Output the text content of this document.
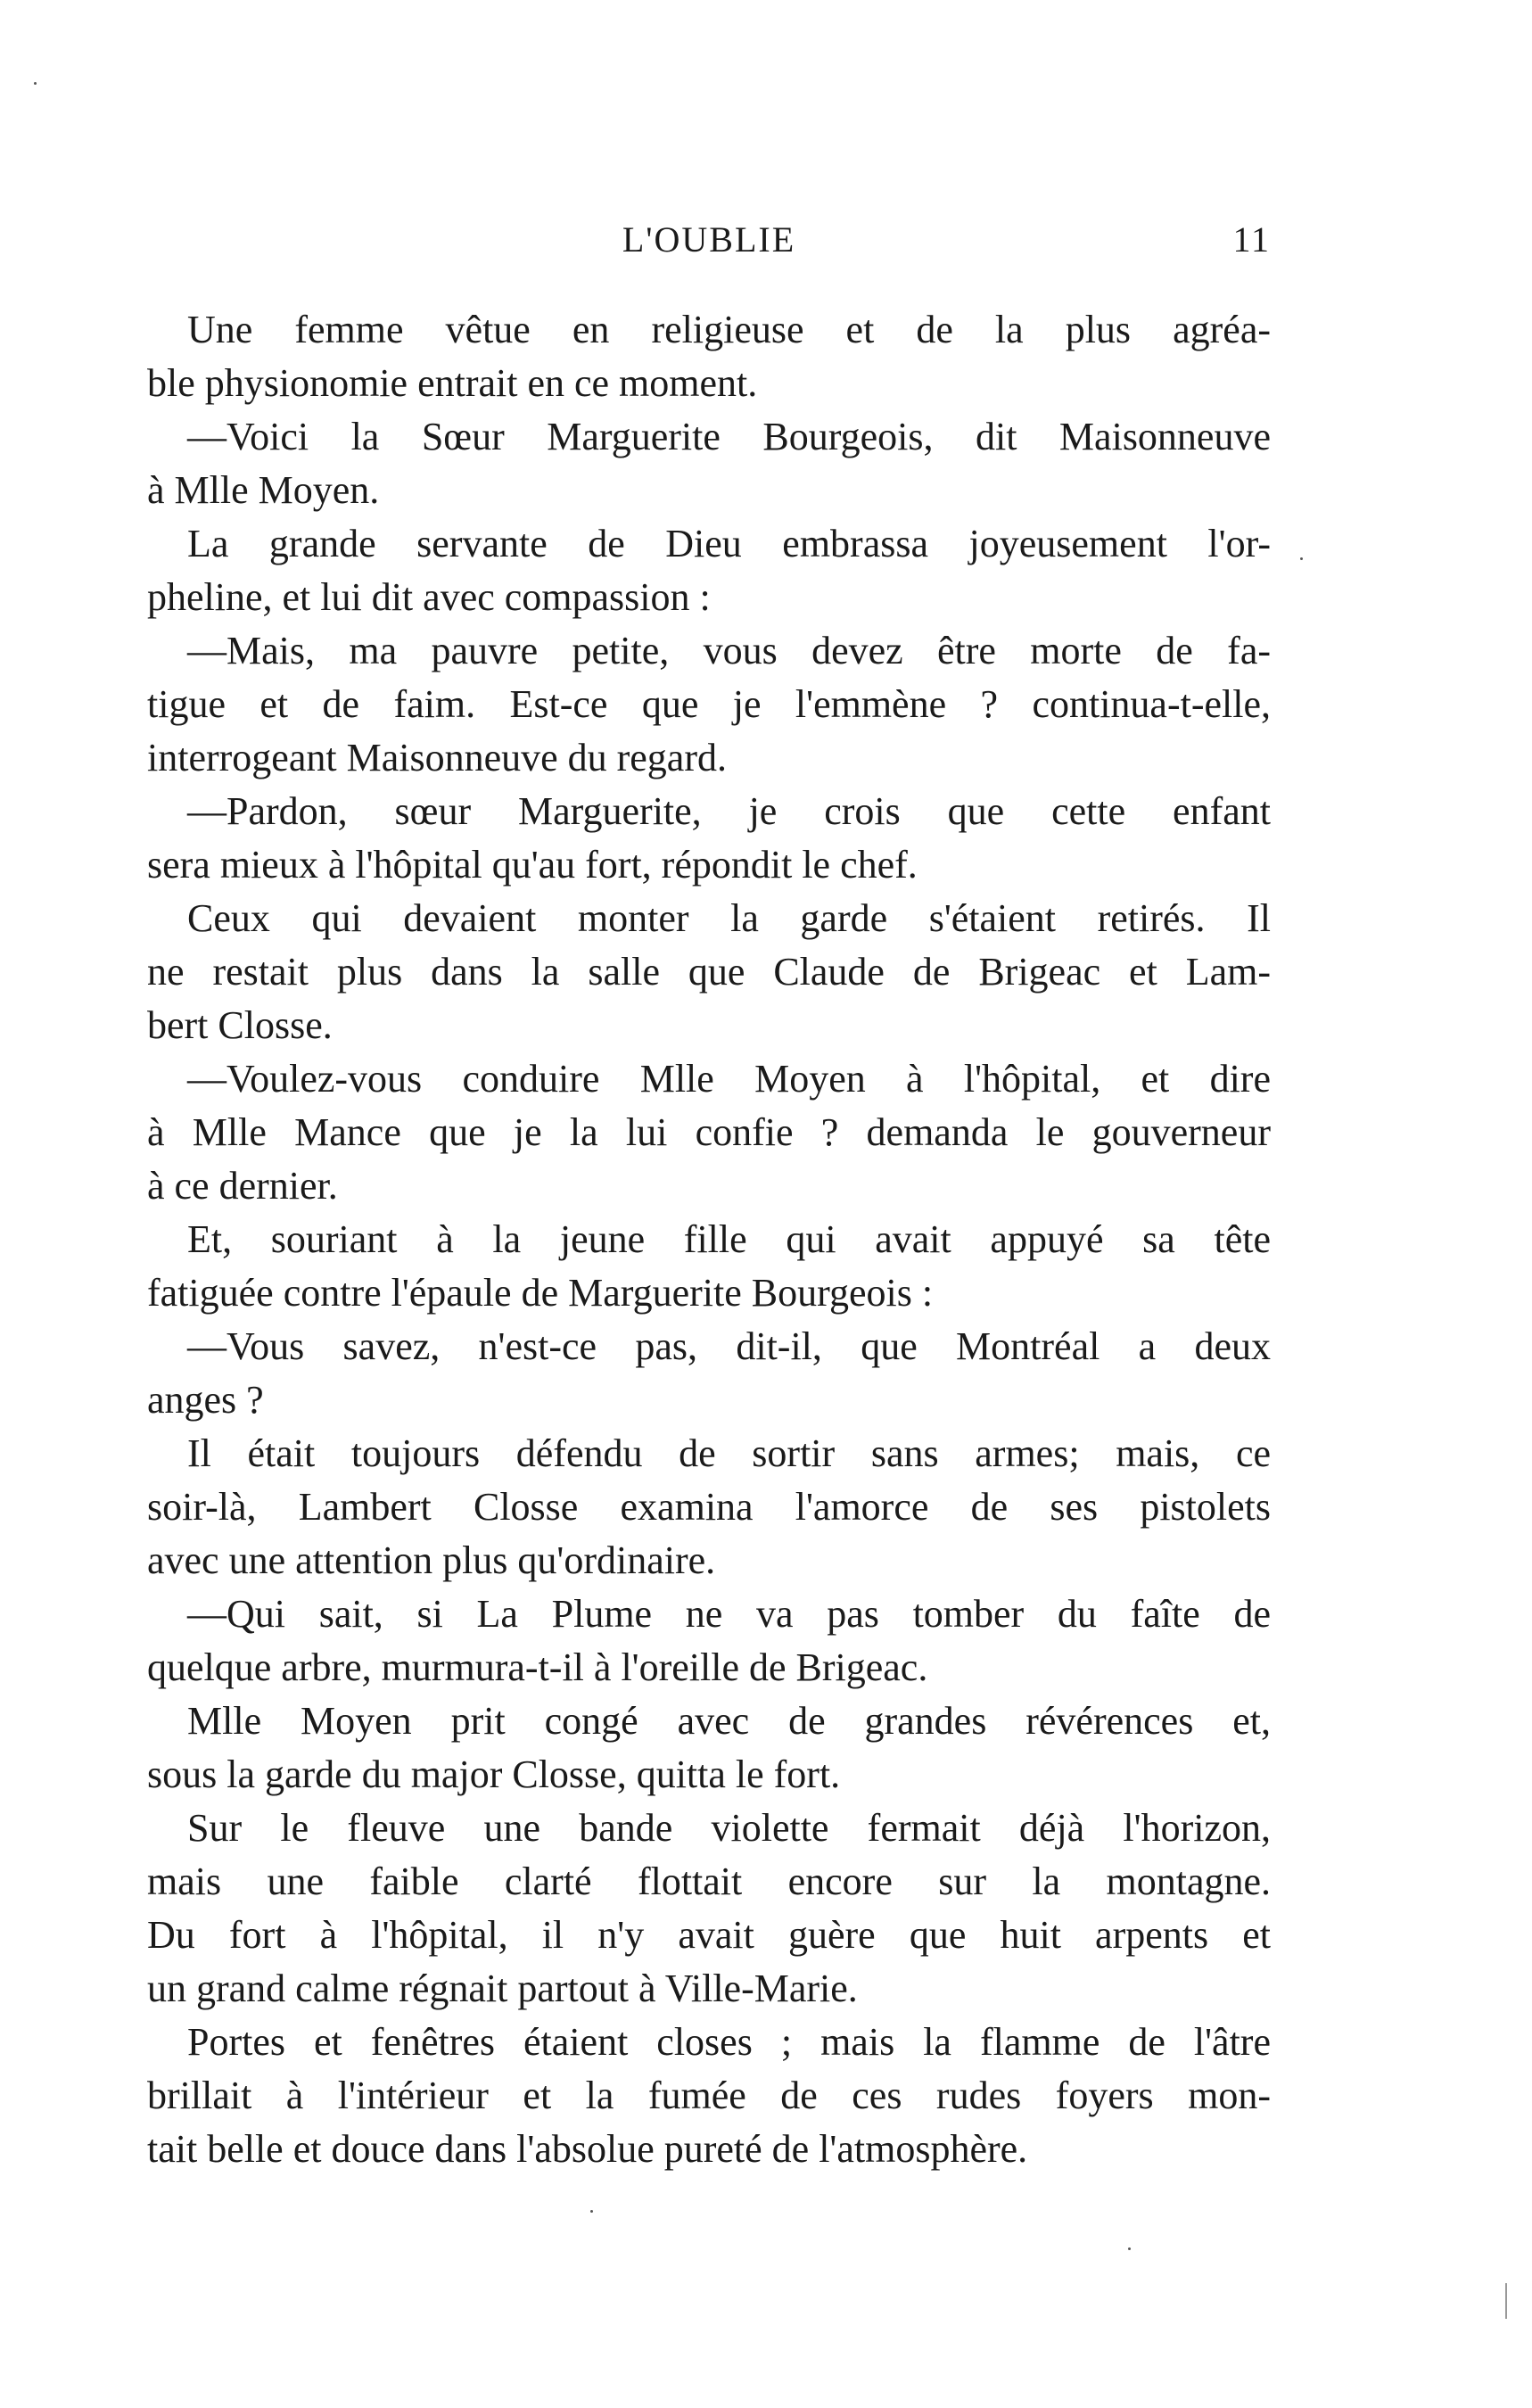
L'OUBLIE	11
Une femme vêtue en religieuse et de la plus agréa-
ble physionomie entrait en ce moment.
—Voici la Sœur Marguerite Bourgeois, dit Maisonneuve
à Mlle Moyen.
La grande servante de Dieu embrassa joyeusement l'or-
pheline, et lui dit avec compassion :
—Mais, ma pauvre petite, vous devez être morte de fa-
tigue et de faim. Est-ce que je l'emmène ? continua-t-elle,
interrogeant Maisonneuve du regard.
—Pardon, sœur Marguerite, je crois que cette enfant
sera mieux à l'hôpital qu'au fort, répondit le chef.
Ceux qui devaient monter la garde s'étaient retirés. Il
ne restait plus dans la salle que Claude de Brigeac et Lam-
bert Closse.
—Voulez-vous conduire Mlle Moyen à l'hôpital, et dire
à Mlle Mance que je la lui confie ? demanda le gouverneur
à ce dernier.
Et, souriant à la jeune fille qui avait appuyé sa tête
fatiguée contre l'épaule de Marguerite Bourgeois :
—Vous savez, n'est-ce pas, dit-il, que Montréal a deux
anges ?
Il était toujours défendu de sortir sans armes; mais, ce
soir-là, Lambert Closse examina l'amorce de ses pistolets
avec une attention plus qu'ordinaire.
—Qui sait, si La Plume ne va pas tomber du faîte de
quelque arbre, murmura-t-il à l'oreille de Brigeac.
Mlle Moyen prit congé avec de grandes révérences et,
sous la garde du major Closse, quitta le fort.
Sur le fleuve une bande violette fermait déjà l'horizon,
mais une faible clarté flottait encore sur la montagne.
Du fort à l'hôpital, il n'y avait guère que huit arpents et
un grand calme régnait partout à Ville-Marie.
Portes et fenêtres étaient closes ; mais la flamme de l'âtre
brillait à l'intérieur et la fumée de ces rudes foyers mon-
tait belle et douce dans l'absolue pureté de l'atmosphère.
